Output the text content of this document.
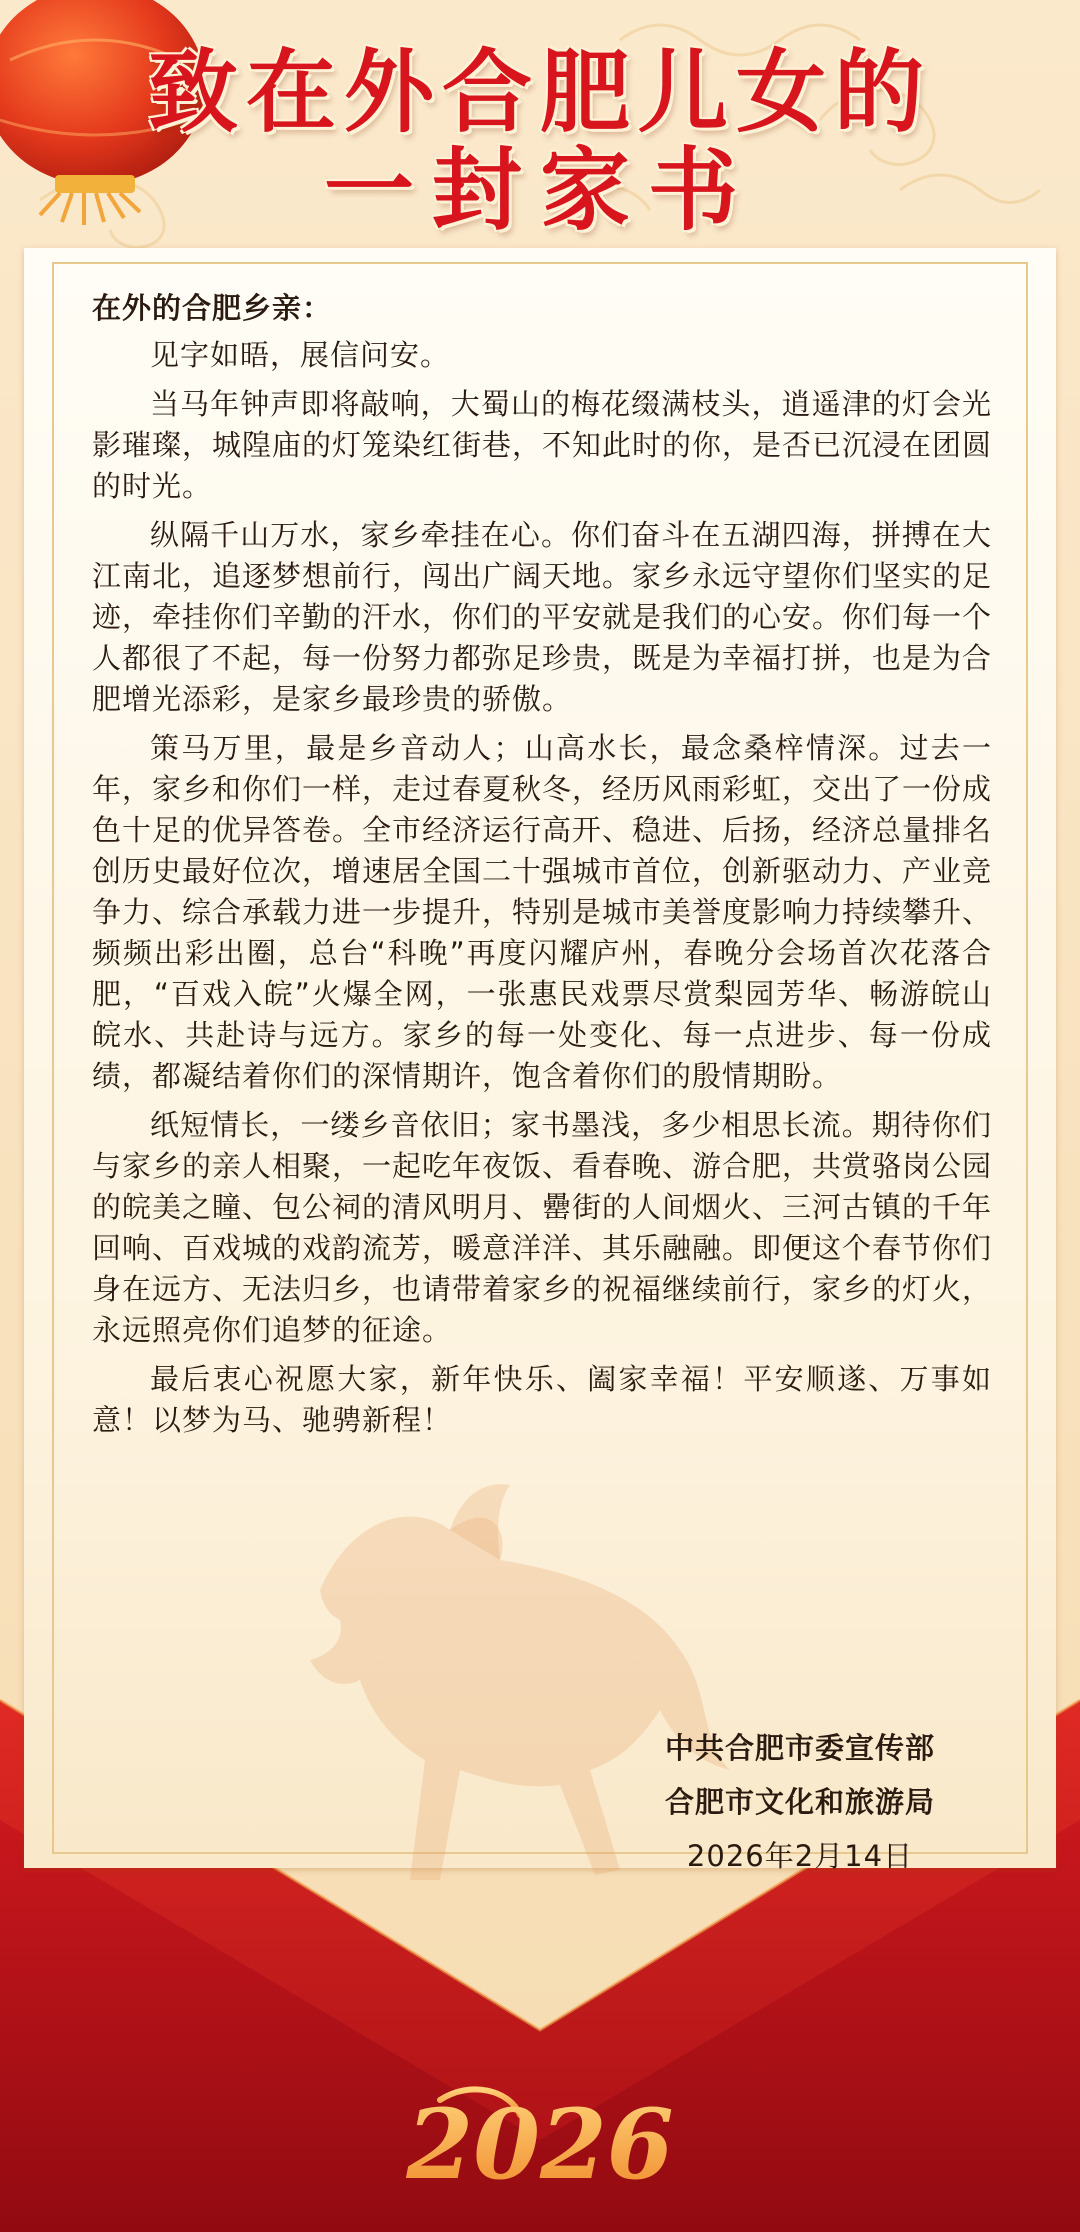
致在外合肥儿女的
一封家书

在外的合肥乡亲：

见字如晤，展信问安。

当马年钟声即将敲响，大蜀山的梅花缀满枝头，逍遥津的灯会光影璀璨，城隍庙的灯笼染红街巷，不知此时的你，是否已沉浸在团圆的时光。

纵隔千山万水，家乡牵挂在心。你们奋斗在五湖四海，拼搏在大江南北，追逐梦想前行，闯出广阔天地。家乡永远守望你们坚实的足迹，牵挂你们辛勤的汗水，你们的平安就是我们的心安。你们每一个人都很了不起，每一份努力都弥足珍贵，既是为幸福打拼，也是为合肥增光添彩，是家乡最珍贵的骄傲。

策马万里，最是乡音动人；山高水长，最念桑梓情深。过去一年，家乡和你们一样，走过春夏秋冬，经历风雨彩虹，交出了一份成色十足的优异答卷。全市经济运行高开、稳进、后扬，经济总量排名创历史最好位次，增速居全国二十强城市首位，创新驱动力、产业竞争力、综合承载力进一步提升，特别是城市美誉度影响力持续攀升、频频出彩出圈，总台“科晚”再度闪耀庐州，春晚分会场首次花落合肥，“百戏入皖”火爆全网，一张惠民戏票尽赏梨园芳华、畅游皖山皖水、共赴诗与远方。家乡的每一处变化、每一点进步、每一份成绩，都凝结着你们的深情期许，饱含着你们的殷情期盼。

纸短情长，一缕乡音依旧；家书墨浅，多少相思长流。期待你们与家乡的亲人相聚，一起吃年夜饭、看春晚、游合肥，共赏骆岗公园的皖美之瞳、包公祠的清风明月、罍街的人间烟火、三河古镇的千年回响、百戏城的戏韵流芳，暖意洋洋、其乐融融。即便这个春节你们身在远方、无法归乡，也请带着家乡的祝福继续前行，家乡的灯火，永远照亮你们追梦的征途。

最后衷心祝愿大家，新年快乐、阖家幸福！平安顺遂、万事如意！以梦为马、驰骋新程！

中共合肥市委宣传部
合肥市文化和旅游局
2026年2月14日
2026
